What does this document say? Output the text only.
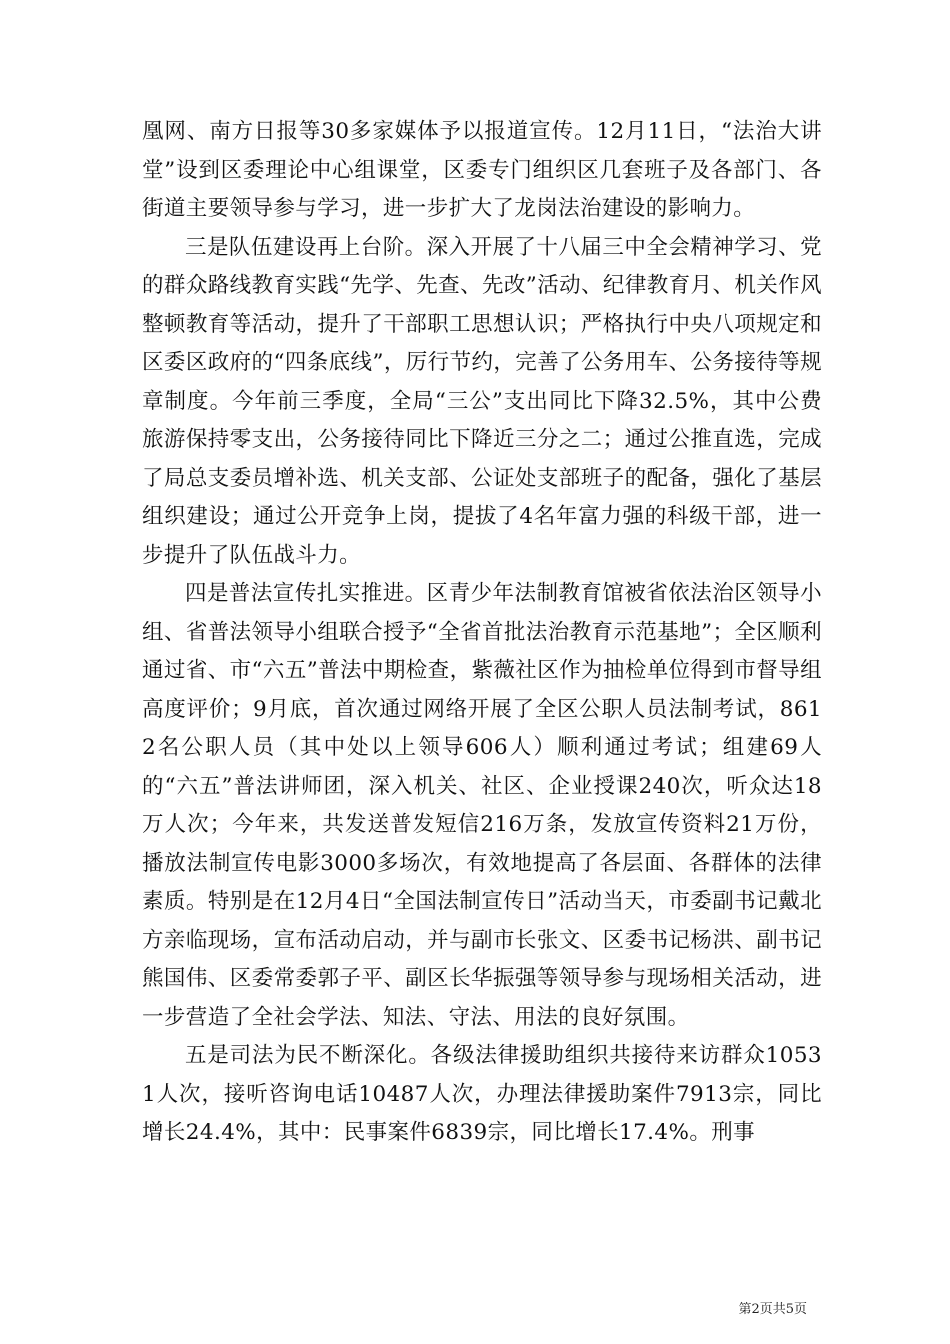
凰网、南方日报等30多家媒体予以报道宣传。12月11日，“法治大讲堂”设到区委理论中心组课堂，区委专门组织区几套班子及各部门、各街道主要领导参与学习，进一步扩大了龙岗法治建设的影响力。

三是队伍建设再上台阶。深入开展了十八届三中全会精神学习、党的群众路线教育实践“先学、先查、先改”活动、纪律教育月、机关作风整顿教育等活动，提升了干部职工思想认识；严格执行中央八项规定和区委区政府的“四条底线”，厉行节约，完善了公务用车、公务接待等规章制度。今年前三季度，全局“三公”支出同比下降32.5%，其中公费旅游保持零支出，公务接待同比下降近三分之二；通过公推直选，完成了局总支委员增补选、机关支部、公证处支部班子的配备，强化了基层组织建设；通过公开竞争上岗，提拔了4名年富力强的科级干部，进一步提升了队伍战斗力。

四是普法宣传扎实推进。区青少年法制教育馆被省依法治区领导小组、省普法领导小组联合授予“全省首批法治教育示范基地”；全区顺利通过省、市“六五”普法中期检查，紫薇社区作为抽检单位得到市督导组高度评价；9月底，首次通过网络开展了全区公职人员法制考试，8612名公职人员（其中处以上领导606人）顺利通过考试；组建69人的“六五”普法讲师团，深入机关、社区、企业授课240次，听众达18万人次；今年来，共发送普发短信216万条，发放宣传资料21万份，播放法制宣传电影3000多场次，有效地提高了各层面、各群体的法律素质。特别是在12月4日“全国法制宣传日”活动当天，市委副书记戴北方亲临现场，宣布活动启动，并与副市长张文、区委书记杨洪、副书记熊国伟、区委常委郭子平、副区长华振强等领导参与现场相关活动，进一步营造了全社会学法、知法、守法、用法的良好氛围。

五是司法为民不断深化。各级法律援助组织共接待来访群众10531人次，接听咨询电话10487人次，办理法律援助案件7913宗，同比增长24.4%，其中：民事案件6839宗，同比增长17.4%。刑事

第2页共5页
